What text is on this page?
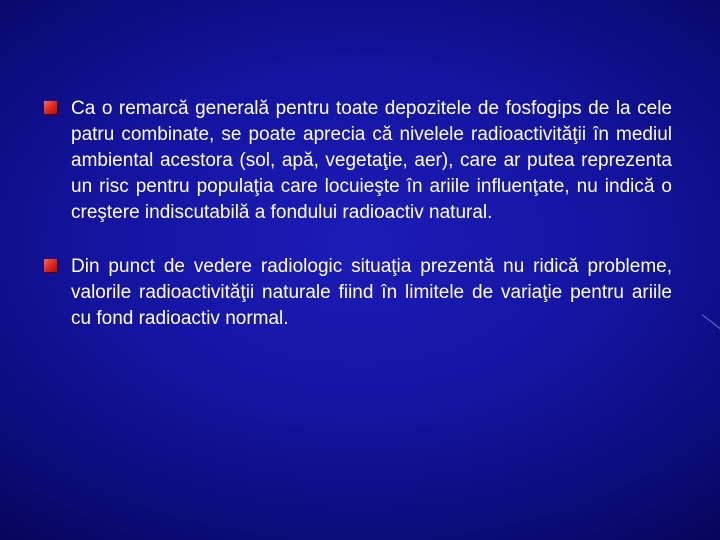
Ca o remarcă generală pentru toate depozitele de fosfogips de la cele patru combinate, se poate aprecia că nivelele radioactivităţii în mediul ambiental acestora (sol, apă, vegetaţie, aer), care ar putea reprezenta un risc pentru populaţia care locuieşte în ariile influenţate, nu indică o creştere indiscutabilă a fondului radioactiv natural.
Din punct de vedere radiologic situaţia prezentă nu ridică probleme, valorile radioactivităţii naturale fiind în limitele de variaţie pentru ariile cu fond radioactiv normal.
